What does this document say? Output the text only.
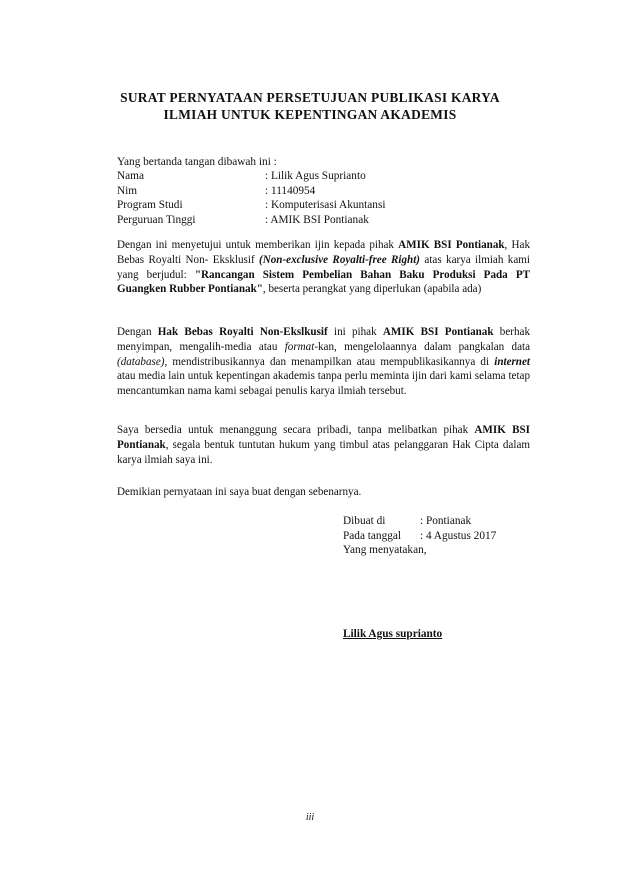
SURAT PERNYATAAN PERSETUJUAN PUBLIKASI KARYA
ILMIAH UNTUK KEPENTINGAN AKADEMIS
Yang bertanda tangan dibawah ini :
Nama	: Lilik Agus Suprianto
Nim	: 11140954
Program Studi	: Komputerisasi Akuntansi
Perguruan Tinggi	: AMIK BSI Pontianak
Dengan ini menyetujui untuk memberikan ijin kepada pihak AMIK BSI Pontianak, Hak Bebas Royalti Non- Eksklusif (Non-exclusive Royalti-free Right) atas karya ilmiah kami yang berjudul: "Rancangan Sistem Pembelian Bahan Baku Produksi Pada PT Guangken Rubber Pontianak", beserta perangkat yang diperlukan (apabila ada)
Dengan Hak Bebas Royalti Non-Ekslkusif ini pihak AMIK BSI Pontianak berhak menyimpan, mengalih-media atau format-kan, mengelolaannya dalam pangkalan data (database), mendistribusikannya dan menampilkan atau mempublikasikannya di internet atau media lain untuk kepentingan akademis tanpa perlu meminta ijin dari kami selama tetap mencantumkan nama kami sebagai penulis karya ilmiah tersebut.
Saya bersedia untuk menanggung secara pribadi, tanpa melibatkan pihak AMIK BSI Pontianak, segala bentuk tuntutan hukum yang timbul atas pelanggaran Hak Cipta dalam karya ilmiah saya ini.
Demikian pernyataan ini saya buat dengan sebenarnya.
Dibuat di	: Pontianak
Pada tanggal	: 4 Agustus 2017
Yang menyatakan,
Lilik Agus suprianto
iii
